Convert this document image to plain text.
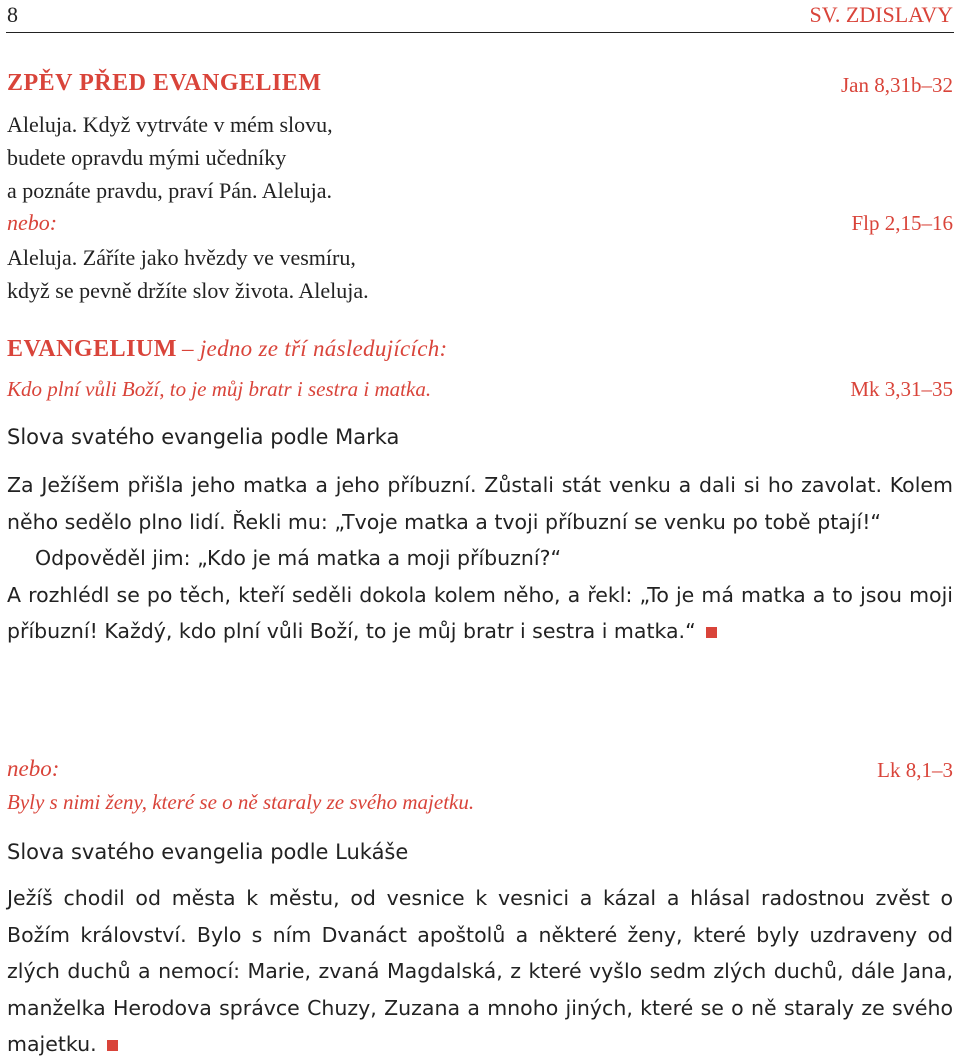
8	SV. ZDISLAVY
ZPĚV PŘED EVANGELIEM	Jan 8,31b–32
Aleluja. Když vytrváte v mém slovu,
budete opravdu mými učedníky
a poznáte pravdu, praví Pán. Aleluja.
nebo:	Flp 2,15–16
Aleluja. Záříte jako hvězdy ve vesmíru,
když se pevně držíte slov života. Aleluja.
EVANGELIUM – jedno ze tří následujících:
Kdo plní vůli Boží, to je můj bratr i sestra i matka.	Mk 3,31–35
Slova svatého evangelia podle Marka
Za Ježíšem přišla jeho matka a jeho příbuzní. Zůstali stát venku a dali si ho zavolat. Kolem něho sedělo plno lidí. Řekli mu: „Tvoje matka a tvoji příbuzní se venku po tobě ptají!“
Odpověděl jim: „Kdo je má matka a moji příbuzní?“
A rozhlédl se po těch, kteří seděli dokola kolem něho, a řekl: „To je má matka a to jsou moji příbuzní! Každý, kdo plní vůli Boží, to je můj bratr i sestra i matka.“
nebo:	Lk 8,1–3
Byly s nimi ženy, které se o ně staraly ze svého majetku.
Slova svatého evangelia podle Lukáše
Ježíš chodil od města k městu, od vesnice k vesnici a kázal a hlásal radostnou zvěst o Božím království. Bylo s ním Dvanáct apoštolů a některé ženy, které byly uzdraveny od zlých duchů a nemocí: Marie, zvaná Magdalská, z které vyšlo sedm zlých duchů, dále Jana, manželka Herodova správce Chuzy, Zuzana a mnoho jiných, které se o ně staraly ze svého majetku.
